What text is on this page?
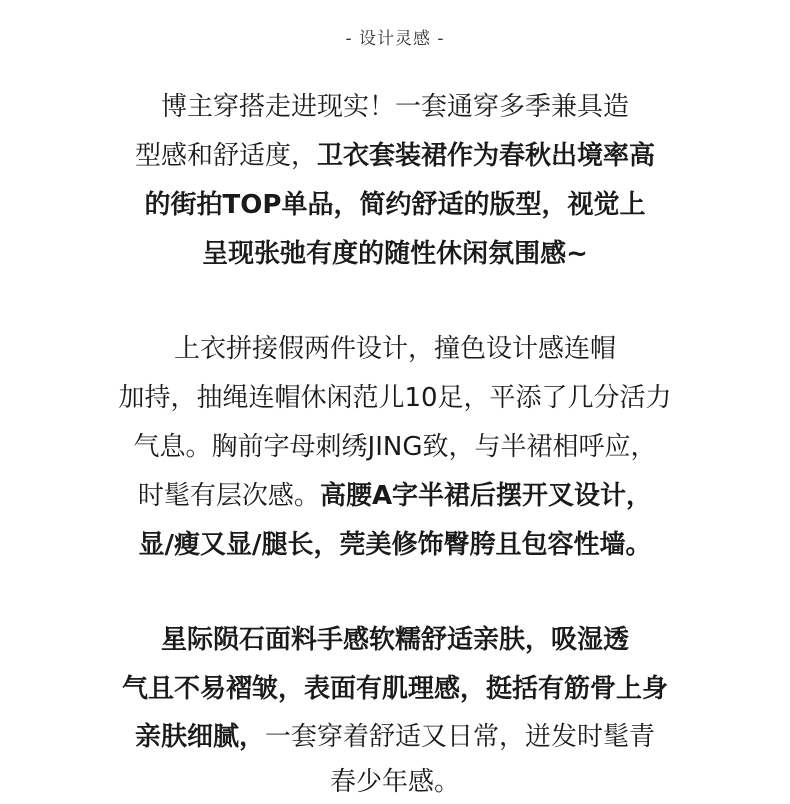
- 设计灵感 -
博主穿搭走进现实！一套通穿多季兼具造
型感和舒适度，卫衣套装裙作为春秋出境率高
的街拍TOP单品，简约舒适的版型，视觉上
呈现张弛有度的随性休闲氛围感~
上衣拼接假两件设计，撞色设计感连帽
加持，抽绳连帽休闲范儿10足，平添了几分活力
气息。胸前字母刺绣JING致，与半裙相呼应，
时髦有层次感。高腰A字半裙后摆开叉设计，
显/瘦又显/腿长，莞美修饰臀胯且包容性墙。
星际陨石面料手感软糯舒适亲肤，吸湿透
气且不易褶皱，表面有肌理感，挺括有筋骨上身
亲肤细腻，一套穿着舒适又日常，迸发时髦青
春少年感。
